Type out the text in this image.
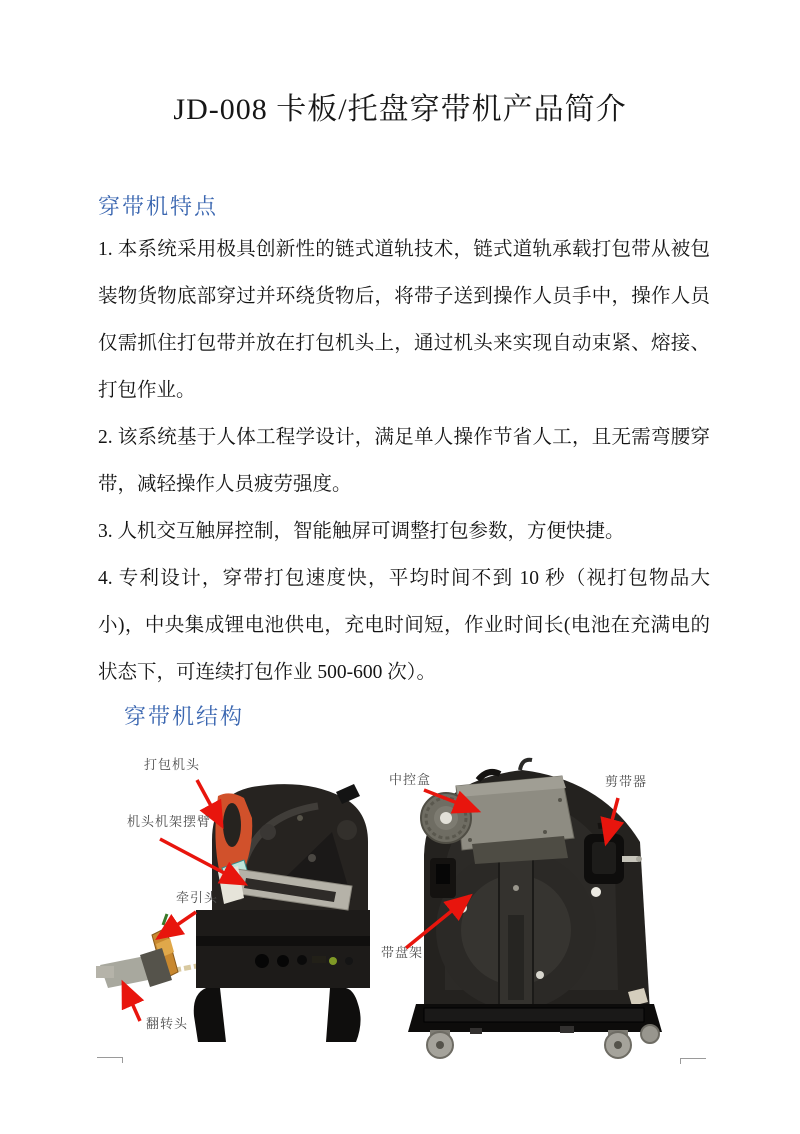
JD-008 卡板/托盘穿带机产品简介
穿带机特点

1. 本系统采用极具创新性的链式道轨技术，链式道轨承载打包带从被包装物货物底部穿过并环绕货物后，将带子送到操作人员手中，操作人员仅需抓住打包带并放在打包机头上，通过机头来实现自动束紧、熔接、打包作业。

2. 该系统基于人体工程学设计，满足单人操作节省人工，且无需弯腰穿带，减轻操作人员疲劳强度。

3. 人机交互触屏控制，智能触屏可调整打包参数，方便快捷。

4. 专利设计，穿带打包速度快，平均时间不到 10 秒（视打包物品大小)，中央集成锂电池供电，充电时间短，作业时间长(电池在充满电的状态下，可连续打包作业 500-600 次）。

穿带机结构
打包机头
机头机架摆臂
牵引头
翻转头
中控盒	剪带器
带盘架
